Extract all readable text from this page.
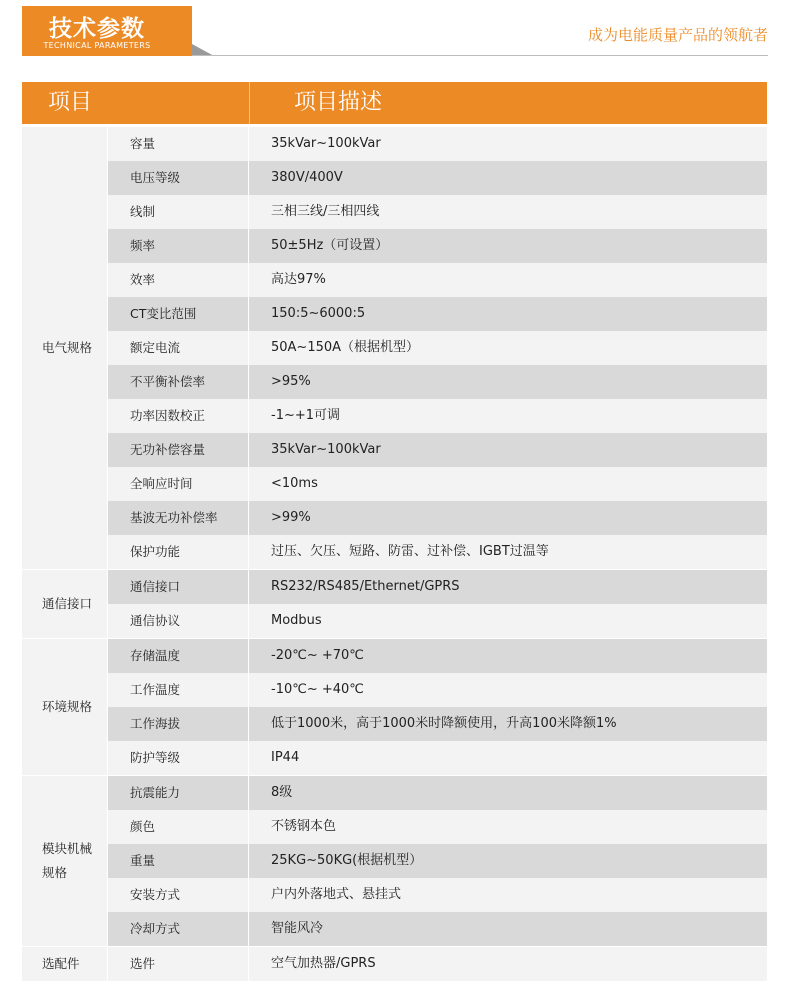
技术参数
TECHNICAL PARAMETERS
成为电能质量产品的领航者
项目	项目描述
电气规格
容量	35kVar~100kVar
电压等级	380V/400V
线制	三相三线/三相四线
频率	50±5Hz（可设置）
效率	高达97%
CT变比范围	150:5~6000:5
额定电流	50A~150A（根据机型）
不平衡补偿率	>95%
功率因数校正	-1~+1可调
无功补偿容量	35kVar~100kVar
全响应时间	<10ms
基波无功补偿率	>99%
保护功能	过压、欠压、短路、防雷、过补偿、IGBT过温等
通信接口
通信接口	RS232/RS485/Ethernet/GPRS
通信协议	Modbus
环境规格
存储温度	-20℃~ +70℃
工作温度	-10℃~ +40℃
工作海拔	低于1000米，高于1000米时降额使用，升高100米降额1%
防护等级	IP44
模块机械
规格
抗震能力	8级
颜色	不锈钢本色
重量	25KG~50KG(根据机型）
安装方式	户内外落地式、悬挂式
冷却方式	智能风冷
选配件	选件	空气加热器/GPRS
